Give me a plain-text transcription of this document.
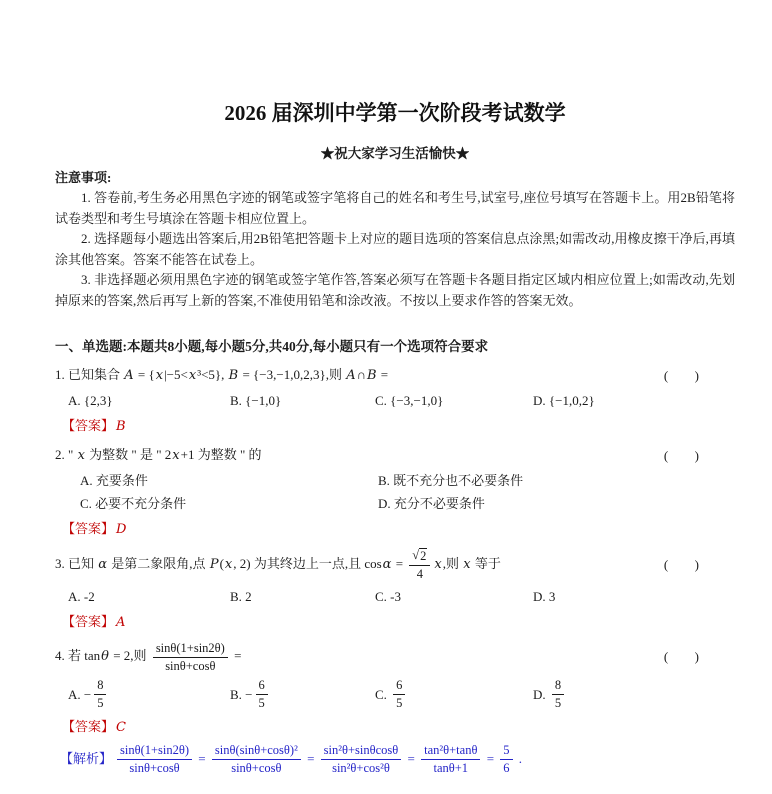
2026 届深圳中学第一次阶段考试数学
★祝大家学习生活愉快★
注意事项:

1. 答卷前,考生务必用黑色字迹的钢笔或签字笔将自己的姓名和考生号,试室号,座位号填写在答题卡上。用2B铅笔将试卷类型和考生号填涂在答题卡相应位置上。

2. 选择题每小题选出答案后,用2B铅笔把答题卡上对应的题目选项的答案信息点涂黑;如需改动,用橡皮擦干净后,再填涂其他答案。答案不能答在试卷上。

3. 非选择题必须用黑色字迹的钢笔或签字笔作答,答案必须写在答题卡各题目指定区域内相应位置上;如需改动,先划掉原来的答案,然后再写上新的答案,不准使用铅笔和涂改液。不按以上要求作答的答案无效。

一、单选题:本题共8小题,每小题5分,共40分,每小题只有一个选项符合要求
1. 已知集合 A = {x|−5<x³<5}, B = {−3,−1,0,2,3},则 A∩B =	(      )
A. {2,3}	B. {−1,0}	C. {−3,−1,0}	D. {−1,0,2}
【答案】 B
2. " x 为整数 " 是 " 2x+1 为整数 " 的	(      )
A. 充要条件	B. 既不充分也不必要条件
C. 必要不充分条件	D. 充分不必要条件
【答案】 D
3. 已知 α 是第二象限角,点 P(x, 2) 为其终边上一点,且 $\cos\alpha = \frac{√ 2}{4} x$,则 x 等于	(      )
A. -2	B. 2	C. -3	D. 3
【答案】 A
4. 若 tanθ = 2,则 $\frac{\sin\theta(1+\sin 2\theta)}{\sin\theta+\cos\theta}$ =	(      )
A. − $\frac{8}{5}$	B. − $\frac{6}{5}$	C. $\frac{6}{5}$	D. $\frac{8}{5}$
【答案】 C
【解析】 $\frac{\sin\theta(1+\sin 2\theta)}{\sin\theta+\cos\theta} = \frac{\text{sinθ(sinθ+cosθ)²}}{\sin\theta+\cos\theta} = \frac{\text{sin²θ+sinθcosθ}}{\text{sin²θ+cos²θ}} = \frac{\text{tan²θ+tanθ}}{\tan\theta+1} = \frac{5}{6}$ .
